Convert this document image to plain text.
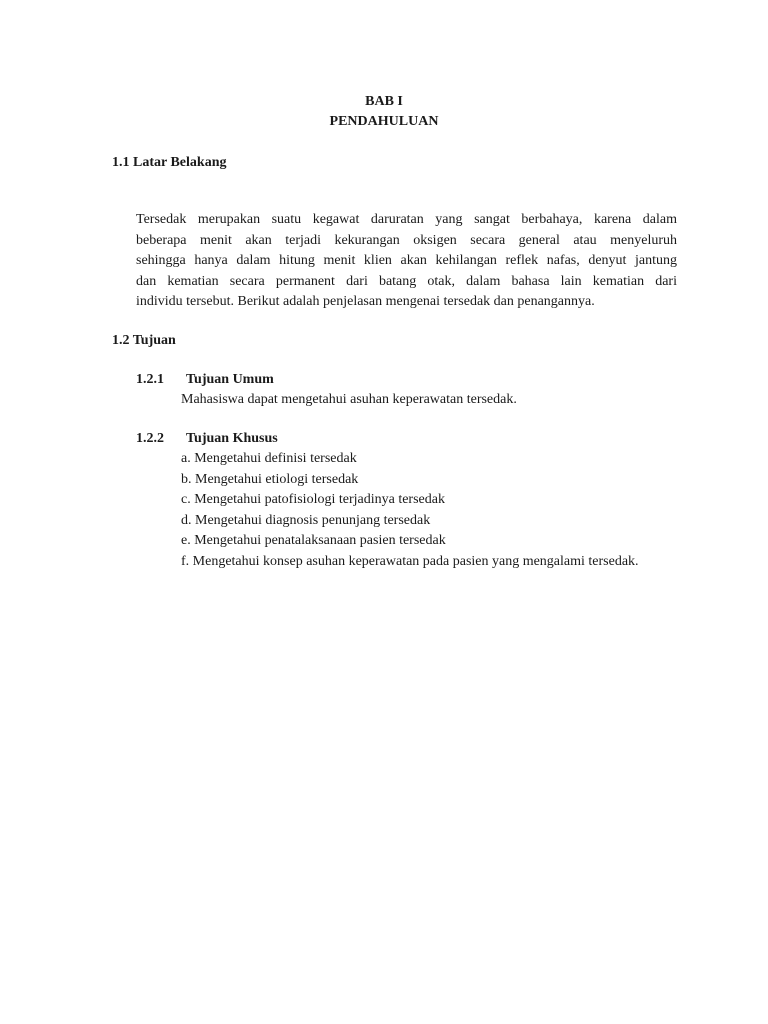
BAB I
PENDAHULUAN
1.1 Latar Belakang
Tersedak merupakan suatu kegawat daruratan yang sangat berbahaya, karena dalam
beberapa menit akan terjadi kekurangan oksigen secara general atau menyeluruh
sehingga hanya dalam hitung menit klien akan kehilangan reflek nafas, denyut jantung
dan kematian secara permanent dari batang otak, dalam bahasa lain kematian dari
individu tersebut. Berikut adalah penjelasan mengenai tersedak dan penangannya.
1.2 Tujuan
1.2.1 Tujuan Umum
Mahasiswa dapat mengetahui asuhan keperawatan tersedak.
1.2.2 Tujuan Khusus
a. Mengetahui definisi tersedak
b. Mengetahui etiologi tersedak
c. Mengetahui patofisiologi terjadinya tersedak
d. Mengetahui diagnosis penunjang tersedak
e. Mengetahui penatalaksanaan pasien tersedak
f. Mengetahui konsep asuhan keperawatan pada pasien yang mengalami tersedak.
